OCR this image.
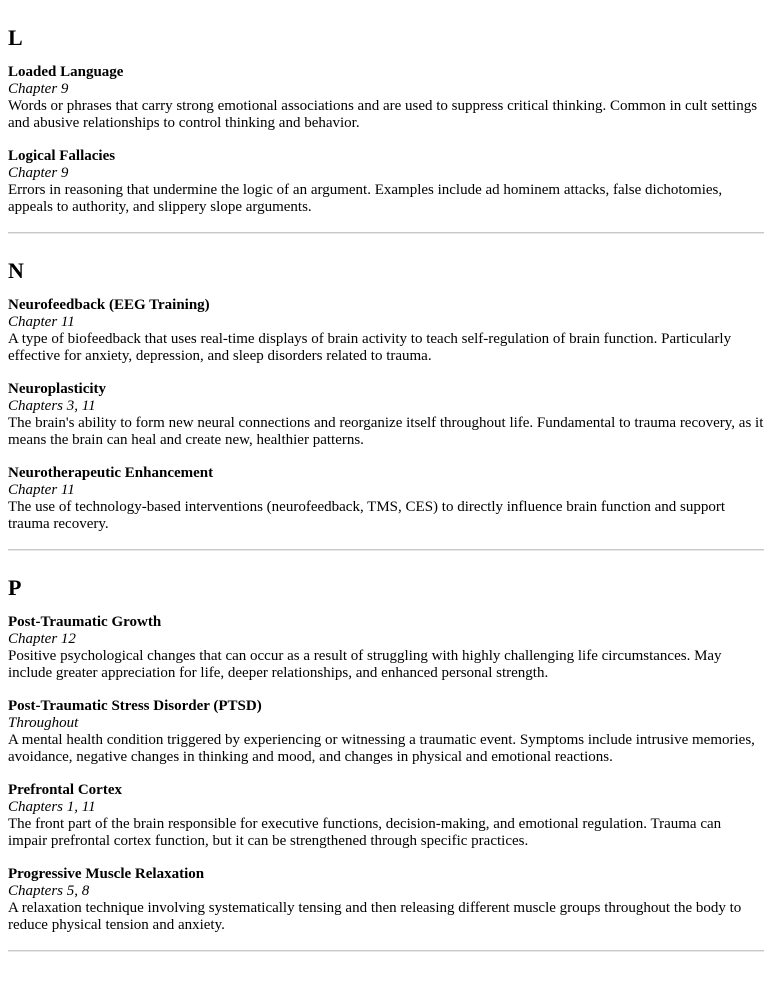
L
Loaded Language
Chapter 9
Words or phrases that carry strong emotional associations and are used to suppress critical thinking. Common in cult settings and abusive relationships to control thinking and behavior.
Logical Fallacies
Chapter 9
Errors in reasoning that undermine the logic of an argument. Examples include ad hominem attacks, false dichotomies, appeals to authority, and slippery slope arguments.
N
Neurofeedback (EEG Training)
Chapter 11
A type of biofeedback that uses real-time displays of brain activity to teach self-regulation of brain function. Particularly effective for anxiety, depression, and sleep disorders related to trauma.
Neuroplasticity
Chapters 3, 11
The brain's ability to form new neural connections and reorganize itself throughout life. Fundamental to trauma recovery, as it means the brain can heal and create new, healthier patterns.
Neurotherapeutic Enhancement
Chapter 11
The use of technology-based interventions (neurofeedback, TMS, CES) to directly influence brain function and support trauma recovery.
P
Post-Traumatic Growth
Chapter 12
Positive psychological changes that can occur as a result of struggling with highly challenging life circumstances. May include greater appreciation for life, deeper relationships, and enhanced personal strength.
Post-Traumatic Stress Disorder (PTSD)
Throughout
A mental health condition triggered by experiencing or witnessing a traumatic event. Symptoms include intrusive memories, avoidance, negative changes in thinking and mood, and changes in physical and emotional reactions.
Prefrontal Cortex
Chapters 1, 11
The front part of the brain responsible for executive functions, decision-making, and emotional regulation. Trauma can impair prefrontal cortex function, but it can be strengthened through specific practices.
Progressive Muscle Relaxation
Chapters 5, 8
A relaxation technique involving systematically tensing and then releasing different muscle groups throughout the body to reduce physical tension and anxiety.
